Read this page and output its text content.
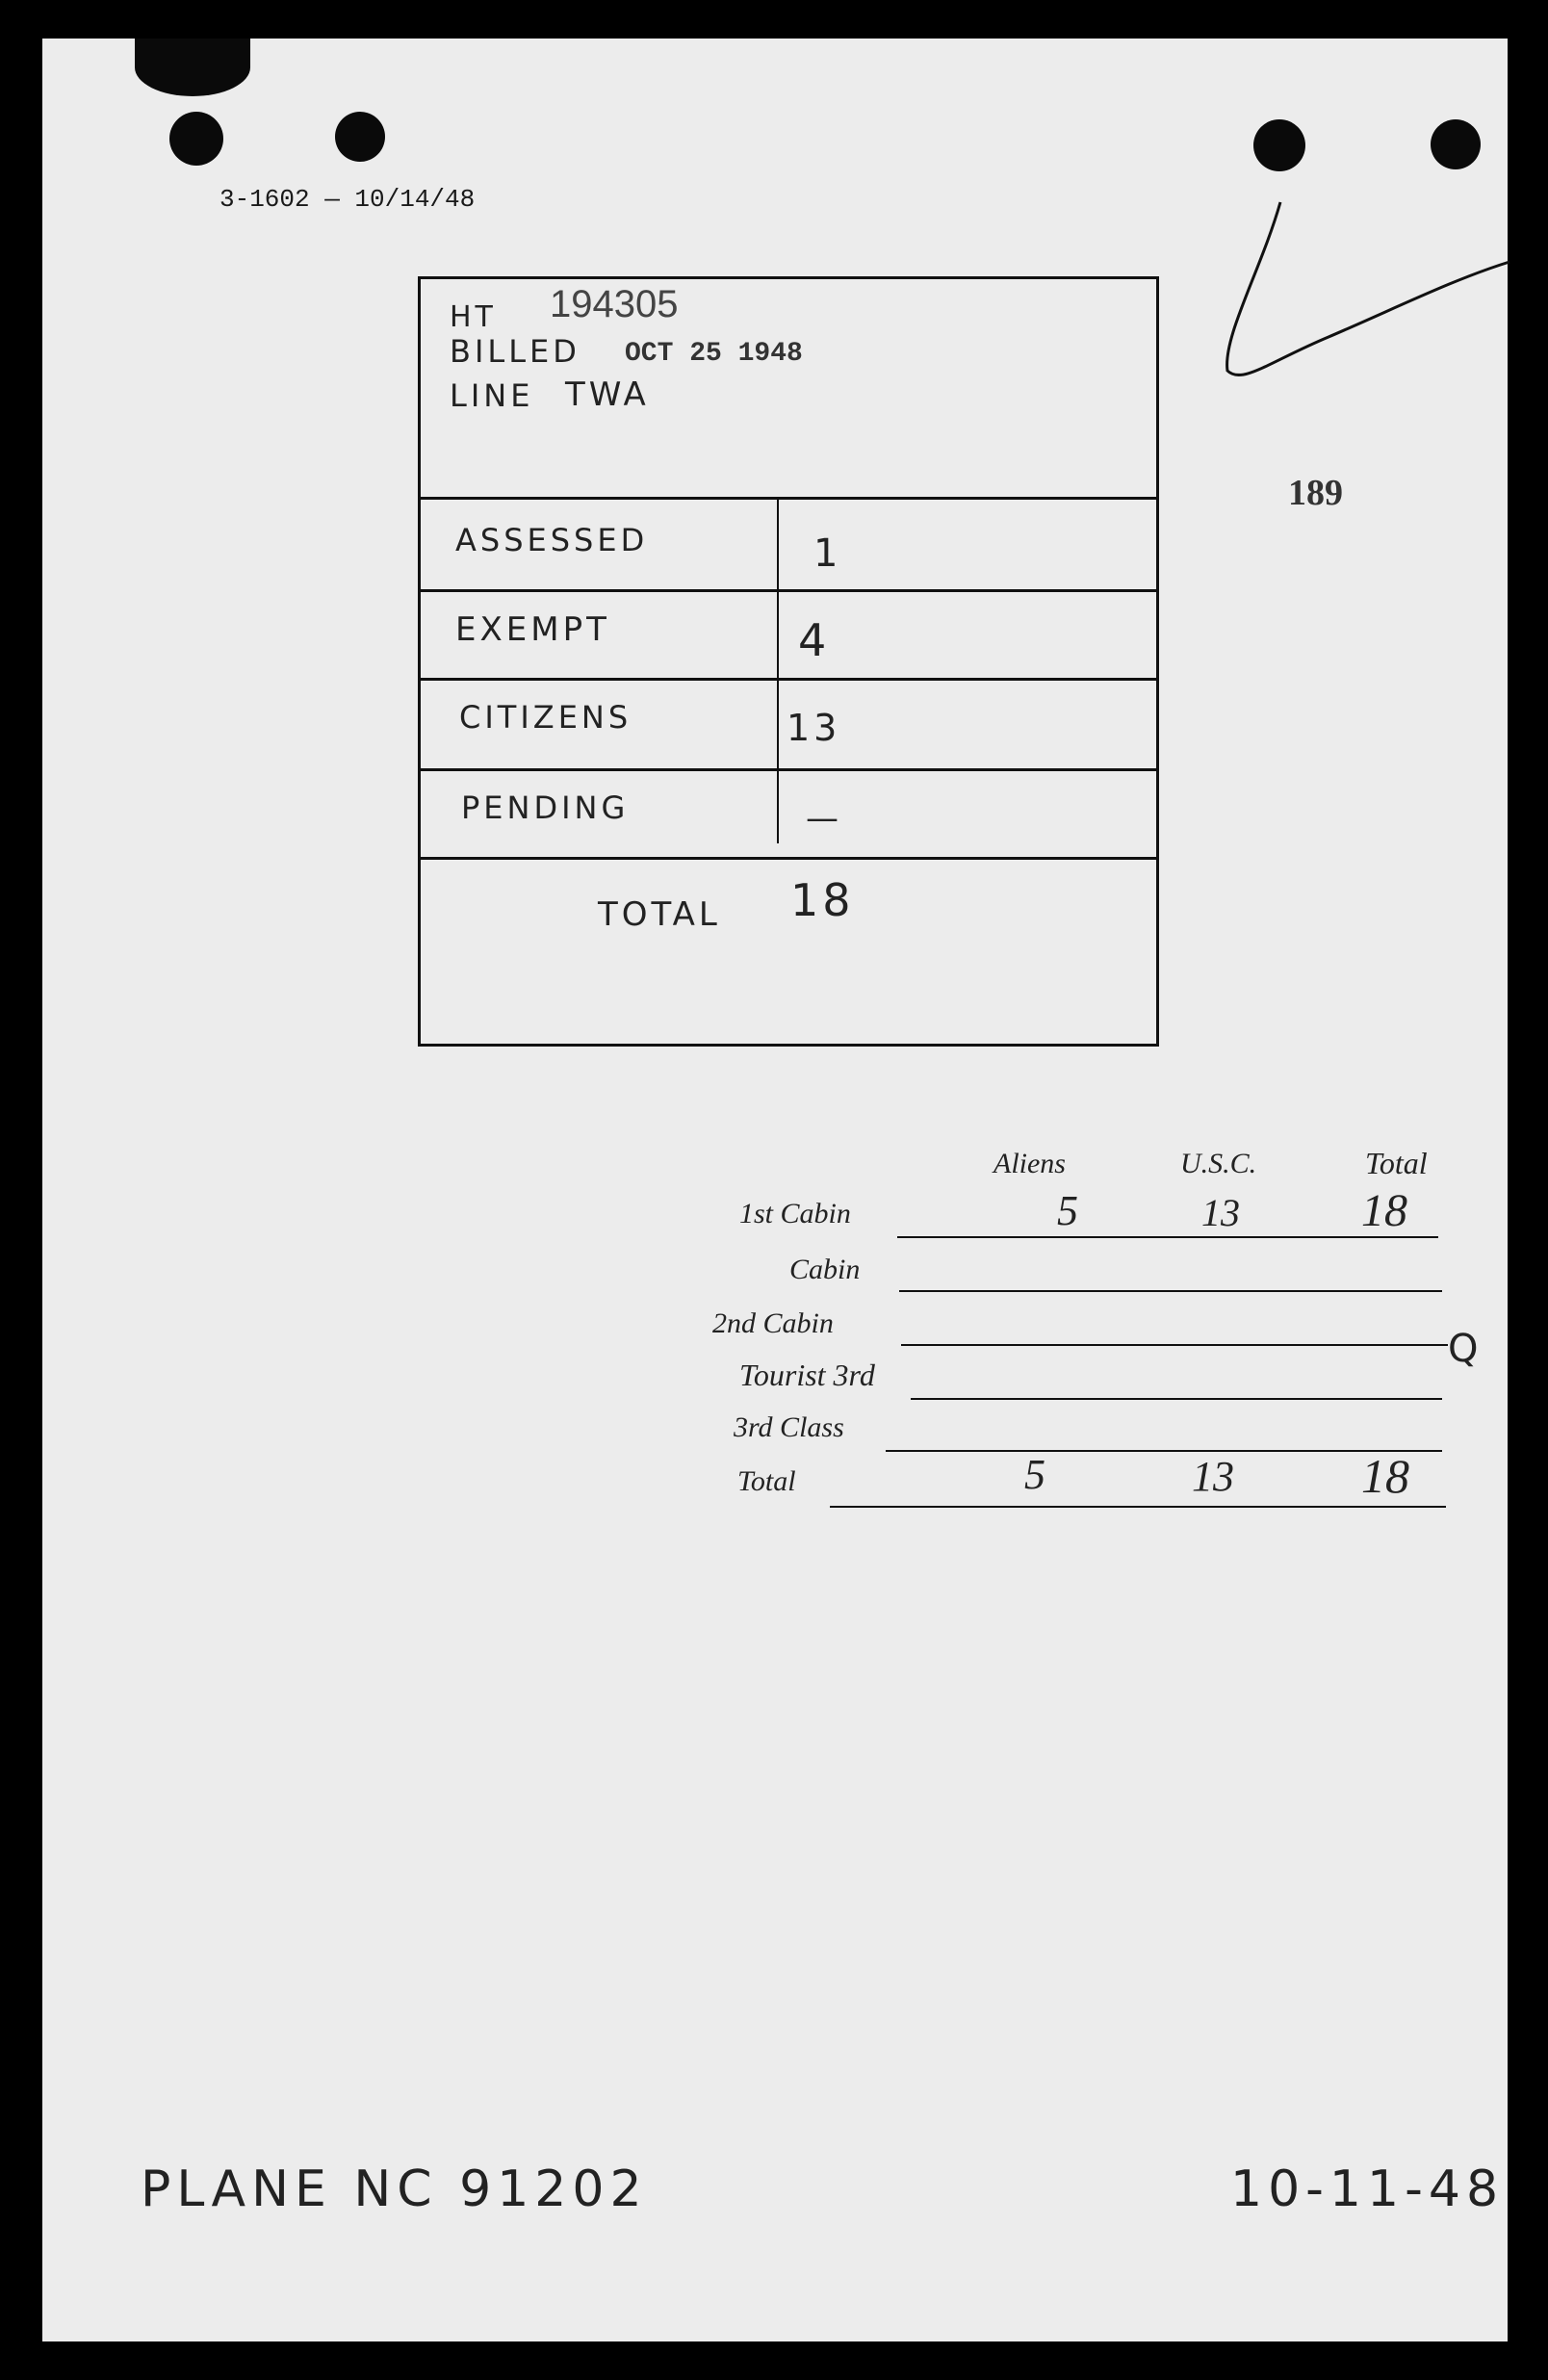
3-1602 — 10/14/48
189
HT 194305
BILLED OCT 25 1948
LINE TWA
ASSESSED	1
EXEMPT	4
CITIZENS	13
PENDING	—
TOTAL 18
Aliens	U.S.C.	Total
1st Cabin	5	13	18
Cabin
2nd Cabin
Tourist 3rd
3rd Class
Total	5	13	18
Q
PLANE NC 91202	10-11-48
